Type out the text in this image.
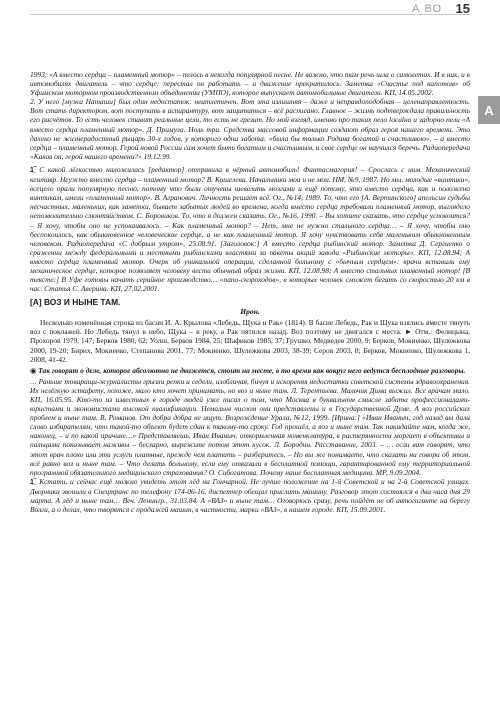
А ВО 15
А

1993; «А вместо сердца – пламенный мотор» – пелось в некогда популярной песне. Не важно, что там речь шла о самолетах. И в них, и в автомобилях двигатель – что сердце: перестал он работать – и движение прекратилось. Заметка «Счастье под капотом» об Уфимском моторном производственном объединении (УМПО), которое выпускает автомобильные двигатели. КП, 14.05.2002.

2. У него [мужа Наташи] был один недостаток: неатлетичен. Вот эта излишняя – даже и неправдоподобная – целенаправленность. Вот стать директором, вот поступить в аспирантуру, вот защититься – всё расписано. Главное – жизнь подтверждала правильность его расчётов. То есть человек ставит реальные цели, то есть не грезит. Но мой взгляд, именно про таких пело localно и задорно пели «А вместо сердца пламенный мотор». Д. Примула. Ноль три. Средства массовой информации создают образ героя нашего времени. Это далеко не жизнерадостный рыцарь 30-х годов, у которого одна забота: «была бы только Родина богатой и счастливою», – а вместо сердца – пламенный мотор. Герой новой России сам хочет быть богатым и счастливым, и свое сердце он научился беречь. Радиопередача «Каков он, герой нашего времени?» 19.12.99.

1⁠̲‾ С какой лёгкостью наложилась [редактор] отправила в чёрный автомобиль! Фантасмагория! – Срослась с ним. Механический кентавр. Неужто вместо сердца – пламенный мотор? В. Кошелева. Начальники мои и не мои. НМ, №9, 1987. Но мы, молодые «винтики», всецело орали популярную песню, потому что были отучены шевелить мозгами и ещё потому, что вместо сердца, как и положено винтикам, имели «пламенный мотор». В. Агранович. Личность решает всё. Ог., №14, 1989. То, что его [А. Вертинского] апельсин судьбы несчастных, маленьких, как заметки, бывает забытых людей во времена, когда вместо сердца требовали пламенный мотор, выглядело непозволительно слюнтяйством. С. Боровиков. То, что я должен сказать. Ог., №16, 1990. – Вы хотите сказать, что сердце успокоится? – Я хочу, чтобы оно не успокаивалось. – Как пламенный мотор? – Нет, мне не нужно стального сердца… – Я хочу, чтобы оно беспокоилось, как обыкновенное человеческое сердце, а не как пламенный мотор. Я хочу чувствовать себя маленьким обыкновенным человеком. Радиопередача «С добрым утром», 25.08.91. [Заголовок:] А вместо сердца рыбинский мотор. Заметка Д. Сергиенко о сражении между федеральными и местными рыбинскими властями за пакеты акций завода «Рыбинские моторы». КП, 12.08.94; А вместо сердца пламенный мотор. Очерк об уникальной операции, сделанной больному с «бычьим сердцем»: врачи вставили ему механическое сердце, которое позволяет человеку вести обычный образ жизни. КП, 12.08.98; А вместо стальных пламенный мотор! [В тексте:] В Уфе готовы начать серийное производство… «папо-скороходов», в которых человек сможет бегать со скоростью 20 км в час. Статья С. Аверина. КП, 27.02.2001.

[А] ВОЗ И НЫНЕ ТАМ.

Ирон.

Несколько изменённая строка из басни И. А. Крылова «Лебедь, Щука и Рак» (1814). В басне Лебедь, Рак и Щука взялись вместе тянуть воз с поклажей. Но Лебедь тянул в небо, Щука – в реку, а Рак пятился назад. Воз поэтому не двигался с места. ► Отм.: Фелицына, Прохоров 1979, 147; Берков 1980, 62; Уолш, Берков 1984, 25; Шафиков 1985, 37; Грушко, Медведев 2000, 9; Берков, Мокиенко, Шулежкова 2000, 19-20; Бирих, Мокиенко, Степанова 2001, 77; Мокиенко, Шулежкова 2003, 38-39; Серов 2003, 8; Берков, Мокиенко, Шулежкова 1, 2008, 41-42.

◉ Так говорят о деле, которое абсолютно не движется, стоит на месте, в то время как вокруг него ведутся бесплодные разговоры.

… Раньше товарищи-журналисты грызли репки и седели, изобличая, бичуя и искореняя недостатки советской системы здравоохранения. Их нелёгкую эстафету, похоже, мало кто хочет принимать, но воз и ныне там. Л. Терентьева. Мальчик Дима выжил. Все врачам мало. КП, 16.05.95. Кто-то из известных в городе людей уже писал о том, что Москва в буквальном смысле забита профессионалами-юристами и экономистами высокой квалификации. Немалым числом они представлены и в Государственной Думе. А воз российских проблем и ныне там. В. Романов. От добра добра не ищут. Возрождение Урала, №12, 1999. [Ирина:] «Иван Иваныч, год назад вы дали слово избирателям, что такой-то объект будет сдан к такому-то сроку. Год прошёл, а воз и ныне там. Так накидайте нам, когда же, наконец, – и по какой причине…» Представляешь, Иван Иваныч, откормленная номенклатура, в растерянности моргает в объективы и пальцами показывает наживы – бесхарно, вырежьте потом этот кусок. Л. Бородин. Расставание, 2003. – … если вам говорят, что этот врач плохо или эти услуги платные, прежде чем платить – разберитесь. – Но вы же понимаете, что сказать ни говори об этом, всё равно воз и ныне там. – Что делать больному, если ему отказали в бесплатной помощи, гарантированной ему территориальной программой обязательного медицинского страхования? О. Сибогатова. Почему наше бесплатная медицина. МР, 9.09.2004.

1⁠̲‾ Кстати, и сейчас ещё можно увидеть этот лёд на Гончарной. Не лучше положение на 1-й Советской и на 2-й Советской улицах. Дворники звонили в Спецтранс по телефону 174-06-16, диспетчер обещал прислать машину. Разговор этот состоялся в два часа дня 29 марта. А лёд и ныне там… Веч. Ленингр., 31.03.84. А «ВАЗ» и ныне там… Оговорюсь сразу, речь пойдёт не об автогиганте на берегу Волги, а о делах, что творятся с продажей машин, в частности, марки «ВАЗ», в нашем городе. КП, 15.09.2001.
